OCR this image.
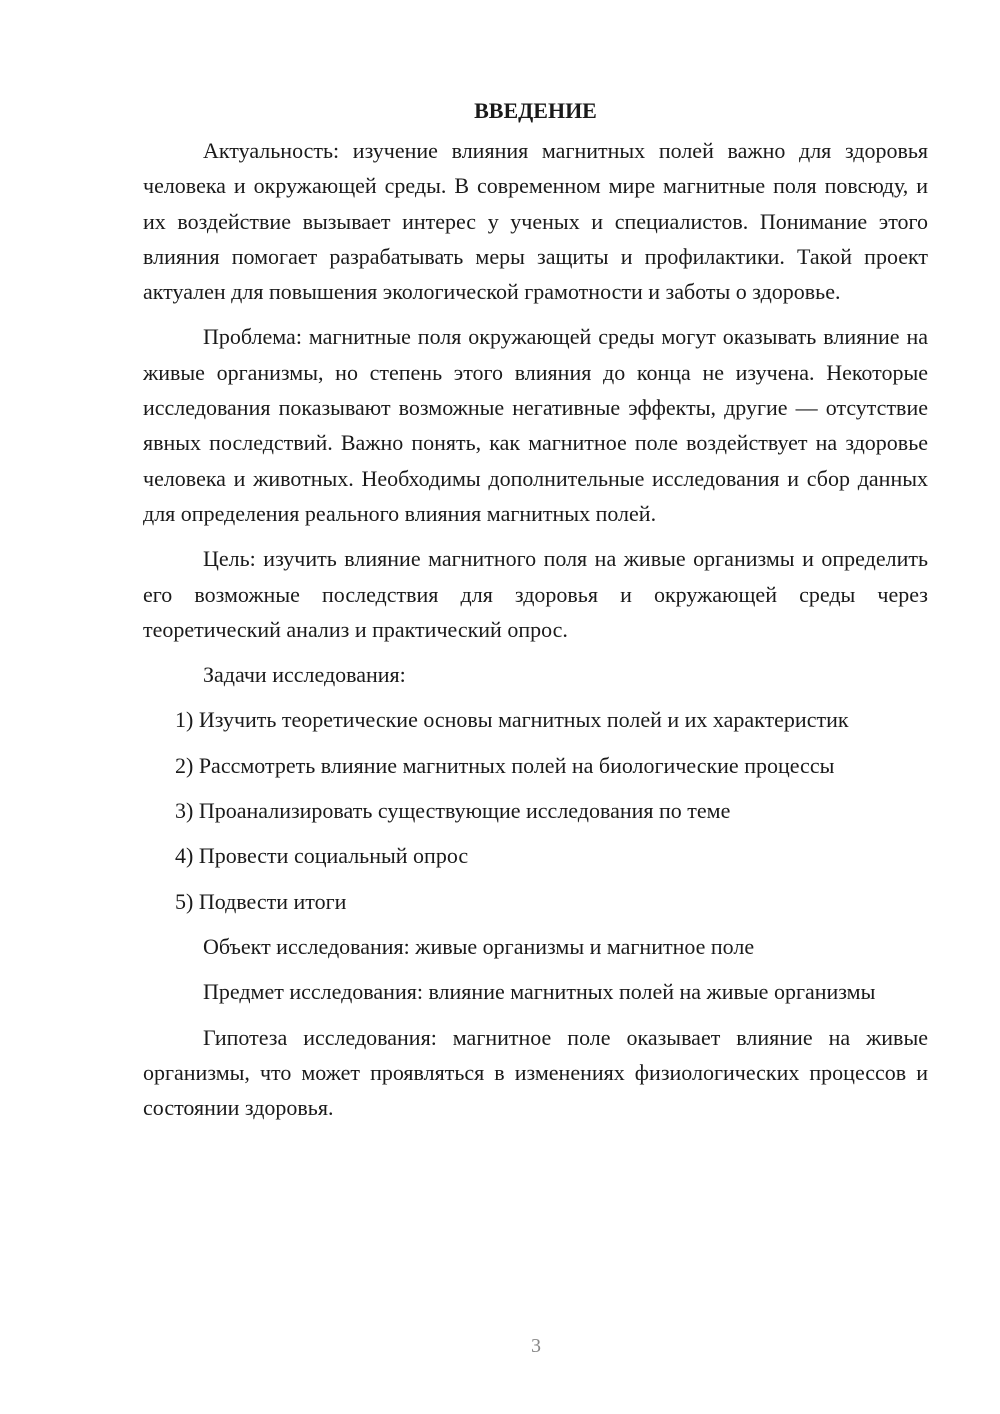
ВВЕДЕНИЕ

Актуальность: изучение влияния магнитных полей важно для здоровья человека и окружающей среды. В современном мире магнитные поля повсюду, и их воздействие вызывает интерес у ученых и специалистов. Понимание этого влияния помогает разрабатывать меры защиты и профилактики. Такой проект актуален для повышения экологической грамотности и заботы о здоровье.

Проблема: магнитные поля окружающей среды могут оказывать влияние на живые организмы, но степень этого влияния до конца не изучена. Некоторые исследования показывают возможные негативные эффекты, другие — отсутствие явных последствий. Важно понять, как магнитное поле воздействует на здоровье человека и животных. Необходимы дополнительные исследования и сбор данных для определения реального влияния магнитных полей.

Цель: изучить влияние магнитного поля на живые организмы и определить его возможные последствия для здоровья и окружающей среды через теоретический анализ и практический опрос.

Задачи исследования:

1) Изучить теоретические основы магнитных полей и их характеристик

2) Рассмотреть влияние магнитных полей на биологические процессы

3) Проанализировать существующие исследования по теме

4) Провести социальный опрос

5) Подвести итоги

Объект исследования: живые организмы и магнитное поле

Предмет исследования: влияние магнитных полей на живые организмы

Гипотеза исследования: магнитное поле оказывает влияние на живые организмы, что может проявляться в изменениях физиологических процессов и состоянии здоровья.

3
